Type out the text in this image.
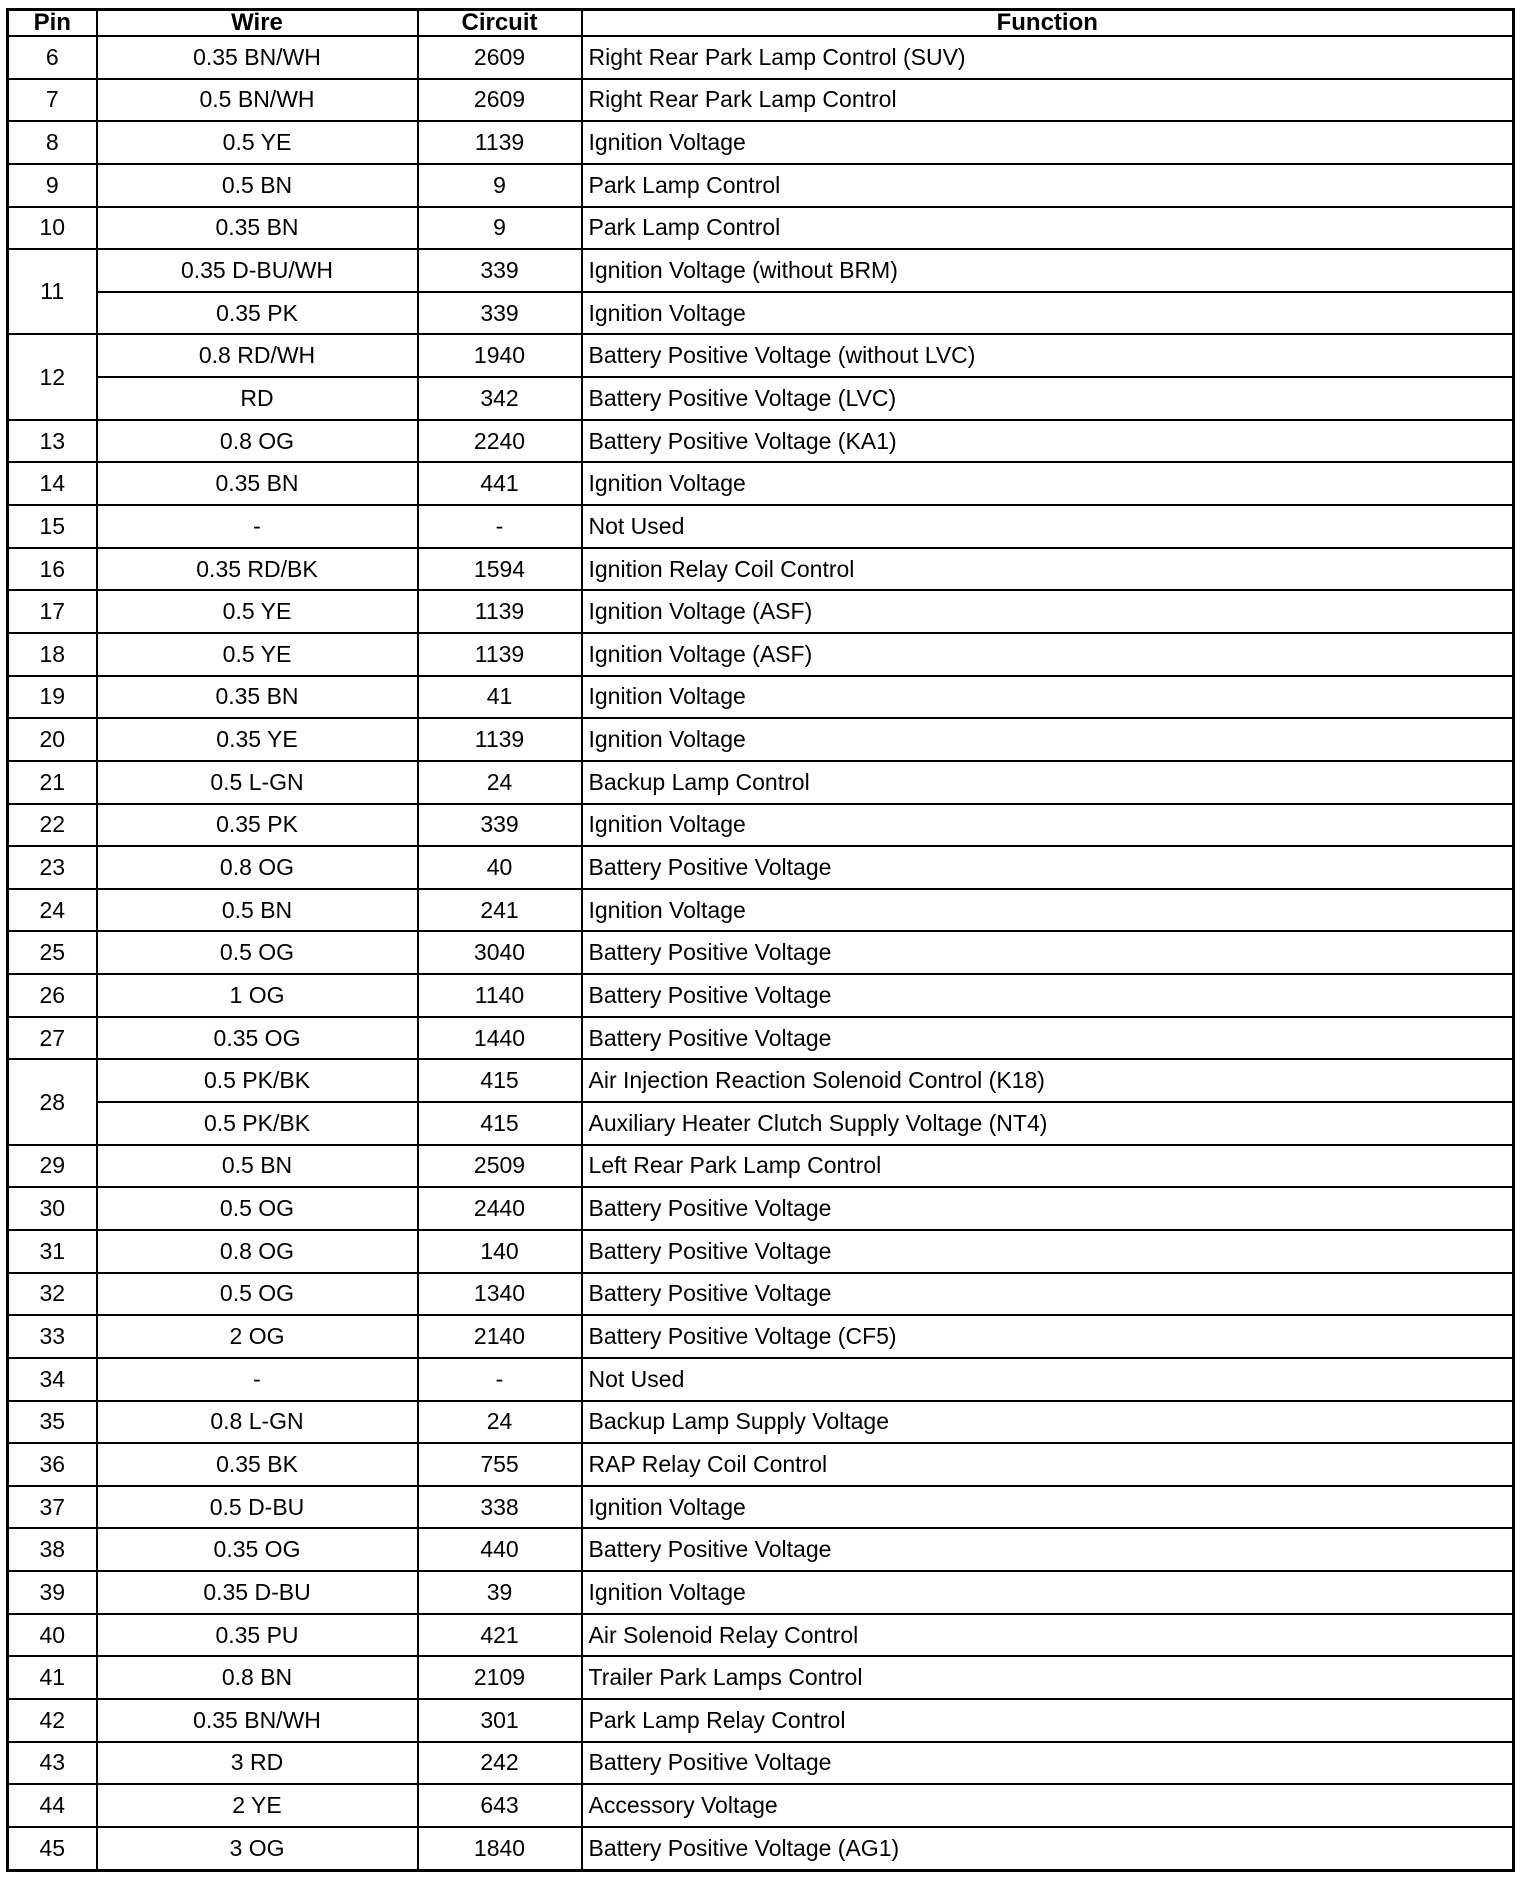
Pin	Wire	Circuit	Function
6	0.35 BN/WH	2609	Right Rear Park Lamp Control (SUV)
7	0.5 BN/WH	2609	Right Rear Park Lamp Control
8	0.5 YE	1139	Ignition Voltage
9	0.5 BN	9	Park Lamp Control
10	0.35 BN	9	Park Lamp Control
11	0.35 D-BU/WH	339	Ignition Voltage (without BRM)
	0.35 PK	339	Ignition Voltage
12	0.8 RD/WH	1940	Battery Positive Voltage (without LVC)
	RD	342	Battery Positive Voltage (LVC)
13	0.8 OG	2240	Battery Positive Voltage (KA1)
14	0.35 BN	441	Ignition Voltage
15	-	-	Not Used
16	0.35 RD/BK	1594	Ignition Relay Coil Control
17	0.5 YE	1139	Ignition Voltage (ASF)
18	0.5 YE	1139	Ignition Voltage (ASF)
19	0.35 BN	41	Ignition Voltage
20	0.35 YE	1139	Ignition Voltage
21	0.5 L-GN	24	Backup Lamp Control
22	0.35 PK	339	Ignition Voltage
23	0.8 OG	40	Battery Positive Voltage
24	0.5 BN	241	Ignition Voltage
25	0.5 OG	3040	Battery Positive Voltage
26	1 OG	1140	Battery Positive Voltage
27	0.35 OG	1440	Battery Positive Voltage
28	0.5 PK/BK	415	Air Injection Reaction Solenoid Control (K18)
	0.5 PK/BK	415	Auxiliary Heater Clutch Supply Voltage (NT4)
29	0.5 BN	2509	Left Rear Park Lamp Control
30	0.5 OG	2440	Battery Positive Voltage
31	0.8 OG	140	Battery Positive Voltage
32	0.5 OG	1340	Battery Positive Voltage
33	2 OG	2140	Battery Positive Voltage (CF5)
34	-	-	Not Used
35	0.8 L-GN	24	Backup Lamp Supply Voltage
36	0.35 BK	755	RAP Relay Coil Control
37	0.5 D-BU	338	Ignition Voltage
38	0.35 OG	440	Battery Positive Voltage
39	0.35 D-BU	39	Ignition Voltage
40	0.35 PU	421	Air Solenoid Relay Control
41	0.8 BN	2109	Trailer Park Lamps Control
42	0.35 BN/WH	301	Park Lamp Relay Control
43	3 RD	242	Battery Positive Voltage
44	2 YE	643	Accessory Voltage
45	3 OG	1840	Battery Positive Voltage (AG1)
